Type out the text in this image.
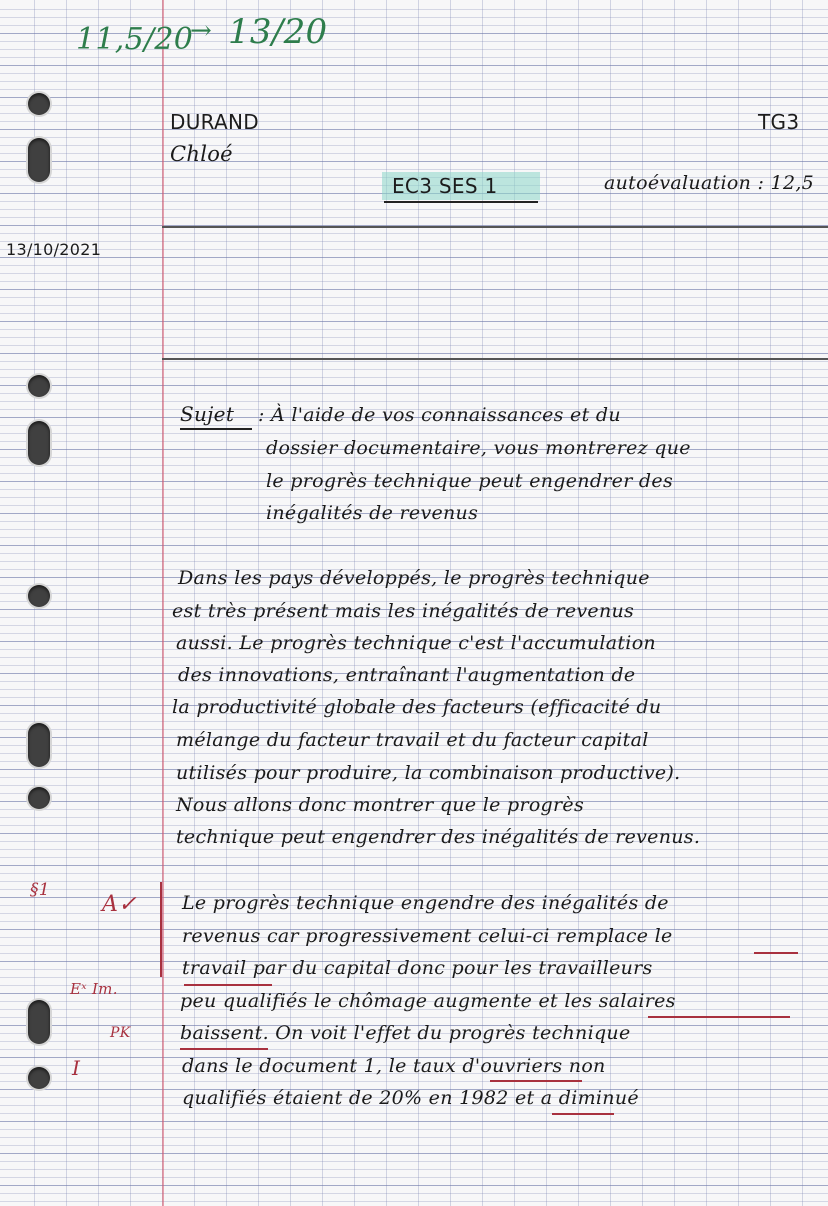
11,5/20
→ 13/20
DURAND
Chloé
TG3
EC3 SES 1	autoévaluation : 12,5
13/10/2021
Sujet : À l'aide de vos connaissances et du
dossier documentaire, vous montrerez que
le progrès technique peut engendrer des
inégalités de revenus
Dans les pays développés, le progrès technique
est très présent mais les inégalités de revenus
aussi. Le progrès technique c'est l'accumulation
des innovations, entraînant l'augmentation de
la productivité globale des facteurs (efficacité du
mélange du facteur travail et du facteur capital
utilisés pour produire, la combinaison productive).
Nous allons donc montrer que le progrès
technique peut engendrer des inégalités de revenus.
§1
A✓
Eˣ Im.
PK
I
Le progrès technique engendre des inégalités de
revenus car progressivement celui-ci remplace le
travail par du capital donc pour les travailleurs
peu qualifiés le chômage augmente et les salaires
baissent. On voit l'effet du progrès technique
dans le document 1, le taux d'ouvriers non
qualifiés étaient de 20% en 1982 et a diminué
